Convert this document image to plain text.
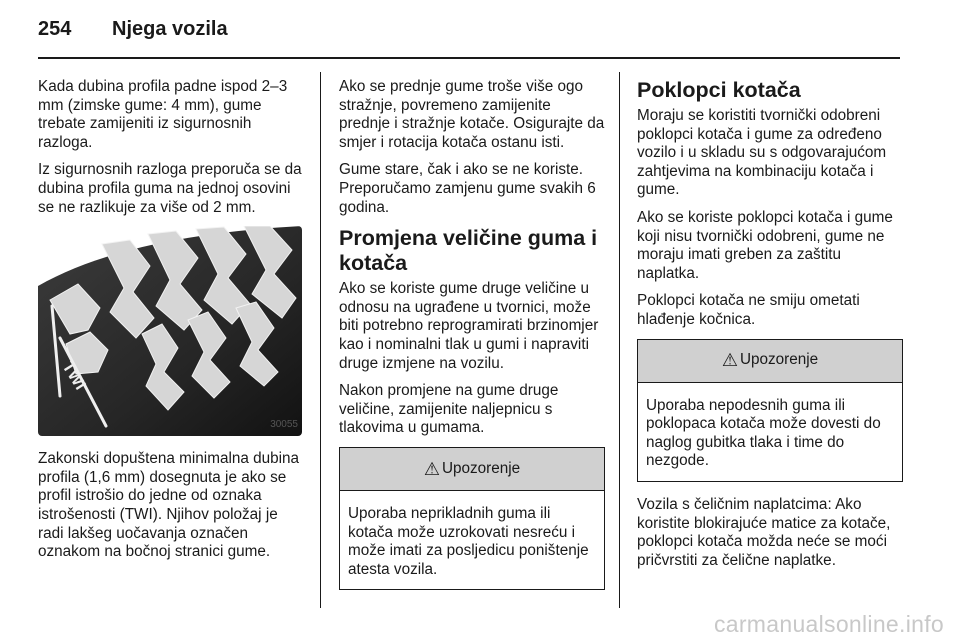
254 Njega vozila

Kada dubina profila padne ispod 2–3 mm (zimske gume: 4 mm), gume trebate zamijeniti iz sigurnosnih razloga.

Iz sigurnosnih razloga preporuča se da dubina profila guma na jednoj osovini se ne razlikuje za više od 2 mm.

TWI
30055

Zakonski dopuštena minimalna dubina profila (1,6 mm) dosegnuta je ako se profil istrošio do jedne od oznaka istrošenosti (TWI). Njihov položaj je radi lakšeg uočavanja označen oznakom na bočnoj stranici gume.

Ako se prednje gume troše više ogo stražnje, povremeno zamijenite prednje i stražnje kotače. Osigurajte da smjer i rotacija kotača ostanu isti.

Gume stare, čak i ako se ne koriste. Preporučamo zamjenu gume svakih 6 godina.

Promjena veličine guma i kotača

Ako se koriste gume druge veličine u odnosu na ugrađene u tvornici, može biti potrebno reprogramirati brzinomjer kao i nominalni tlak u gumi i napraviti druge izmjene na vozilu.

Nakon promjene na gume druge veličine, zamijenite naljepnicu s tlakovima u gumama.

⚠ Upozorenje
Uporaba neprikladnih guma ili kotača može uzrokovati nesreću i može imati za posljedicu poništenje atesta vozila.
Poklopci kotača

Moraju se koristiti tvornički odobreni poklopci kotača i gume za određeno vozilo i u skladu su s odgovarajućom zahtjevima na kombinaciju kotača i gume.

Ako se koriste poklopci kotača i gume koji nisu tvornički odobreni, gume ne moraju imati greben za zaštitu naplatka.

Poklopci kotača ne smiju ometati hlađenje kočnica.

⚠ Upozorenje
Uporaba nepodesnih guma ili poklopaca kotača može dovesti do naglog gubitka tlaka i time do nezgode.

Vozila s čeličnim naplatcima: Ako koristite blokirajuće matice za kotače, poklopci kotača možda neće se moći pričvrstiti za čelične naplatke.

carmanualsonline.info
